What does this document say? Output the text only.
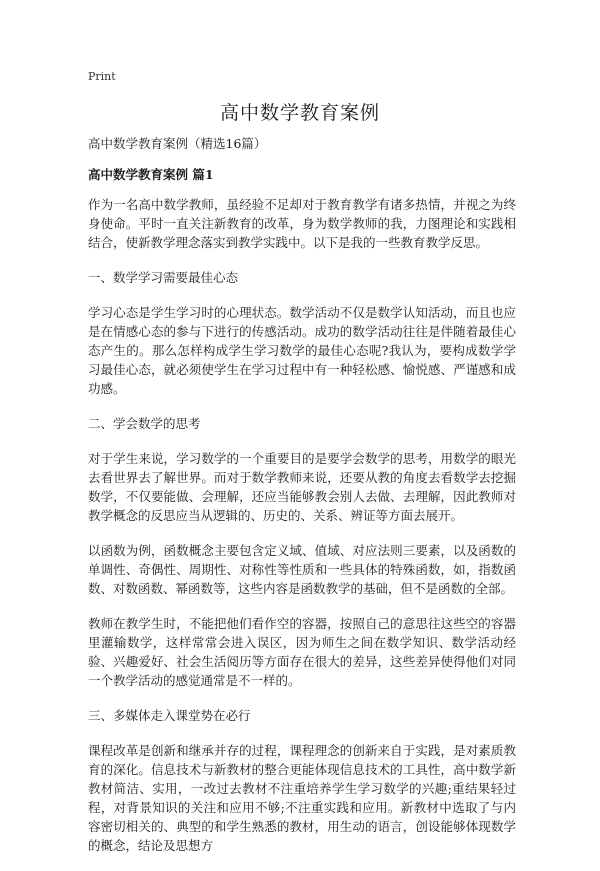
Print
高中数学教育案例

高中数学教育案例（精选16篇）

高中数学教育案例 篇1

作为一名高中数学教师，虽经验不足却对于教育教学有诸多热情，并视之为终身使命。平时一直关注新教育的改革，身为数学教师的我，力图理论和实践相结合，使新教学理念落实到教学实践中。以下是我的一些教育教学反思。

一、数学学习需要最佳心态

学习心态是学生学习时的心理状态。数学活动不仅是数学认知活动，而且也应是在情感心态的参与下进行的传感活动。成功的数学活动往往是伴随着最佳心态产生的。那么怎样构成学生学习数学的最佳心态呢?我认为，要构成数学学习最佳心态，就必须使学生在学习过程中有一种轻松感、愉悦感、严谨感和成功感。

二、学会数学的思考

对于学生来说，学习数学的一个重要目的是要学会数学的思考，用数学的眼光去看世界去了解世界。而对于数学教师来说，还要从教的角度去看数学去挖掘数学，不仅要能做、会理解，还应当能够教会别人去做、去理解，因此教师对教学概念的反思应当从逻辑的、历史的、关系、辨证等方面去展开。

以函数为例，函数概念主要包含定义域、值域、对应法则三要素，以及函数的单调性、奇偶性、周期性、对称性等性质和一些具体的特殊函数，如，指数函数、对数函数、幂函数等，这些内容是函数教学的基础，但不是函数的全部。

教师在教学生时，不能把他们看作空的容器，按照自己的意思往这些空的容器里灌输数学，这样常常会进入误区，因为师生之间在数学知识、数学活动经验、兴趣爱好、社会生活阅历等方面存在很大的差异，这些差异使得他们对同一个教学活动的感觉通常是不一样的。

三、多媒体走入课堂势在必行

课程改革是创新和继承并存的过程，课程理念的创新来自于实践，是对素质教育的深化。信息技术与新教材的整合更能体现信息技术的工具性，高中数学新教材简洁、实用，一改过去教材不注重培养学生学习数学的兴趣;重结果轻过程，对背景知识的关注和应用不够;不注重实践和应用。新教材中选取了与内容密切相关的、典型的和学生熟悉的教材，用生动的语言，创设能够体现数学的概念，结论及思想方
